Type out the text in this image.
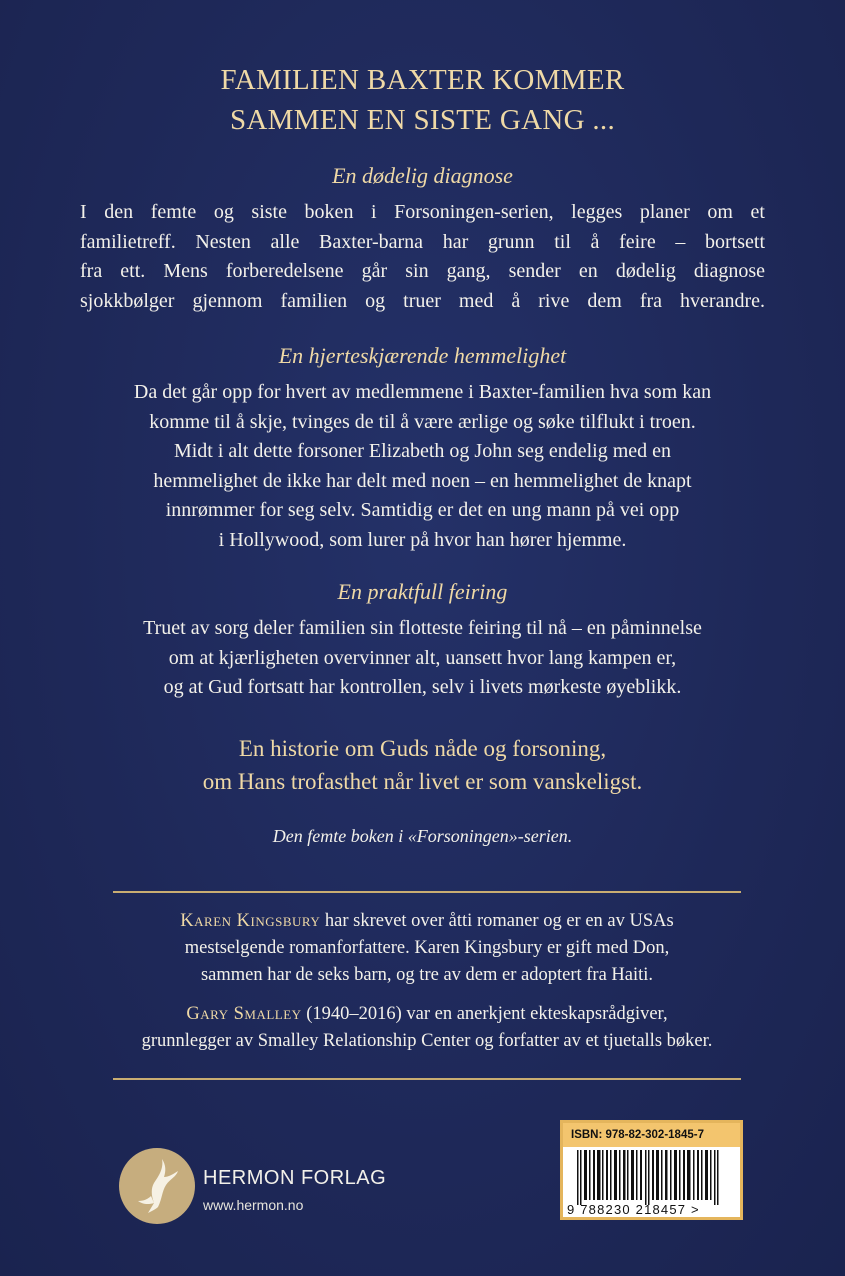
FAMILIEN BAXTER KOMMER
SAMMEN EN SISTE GANG ...
En dødelig diagnose
I den femte og siste boken i Forsoningen-serien, legges planer om et
familietreff. Nesten alle Baxter-barna har grunn til å feire – bortsett
fra ett. Mens forberedelsene går sin gang, sender en dødelig diagnose
sjokkbølger gjennom familien og truer med å rive dem fra hverandre.
En hjerteskjærende hemmelighet
Da det går opp for hvert av medlemmene i Baxter-familien hva som kan
komme til å skje, tvinges de til å være ærlige og søke tilflukt i troen.
Midt i alt dette forsoner Elizabeth og John seg endelig med en
hemmelighet de ikke har delt med noen – en hemmelighet de knapt
innrømmer for seg selv. Samtidig er det en ung mann på vei opp
i Hollywood, som lurer på hvor han hører hjemme.
En praktfull feiring
Truet av sorg deler familien sin flotteste feiring til nå – en påminnelse
om at kjærligheten overvinner alt, uansett hvor lang kampen er,
og at Gud fortsatt har kontrollen, selv i livets mørkeste øyeblikk.
En historie om Guds nåde og forsoning,
om Hans trofasthet når livet er som vanskeligst.
Den femte boken i «Forsoningen»-serien.
Karen Kingsbury har skrevet over åtti romaner og er en av USAs
mestselgende romanforfattere. Karen Kingsbury er gift med Don,
sammen har de seks barn, og tre av dem er adoptert fra Haiti.
Gary Smalley (1940–2016) var en anerkjent ekteskapsrådgiver,
grunnlegger av Smalley Relationship Center og forfatter av et tjuetalls bøker.
HERMON FORLAG
www.hermon.no
ISBN: 978-82-302-1845-7
9 788230 218457 >
